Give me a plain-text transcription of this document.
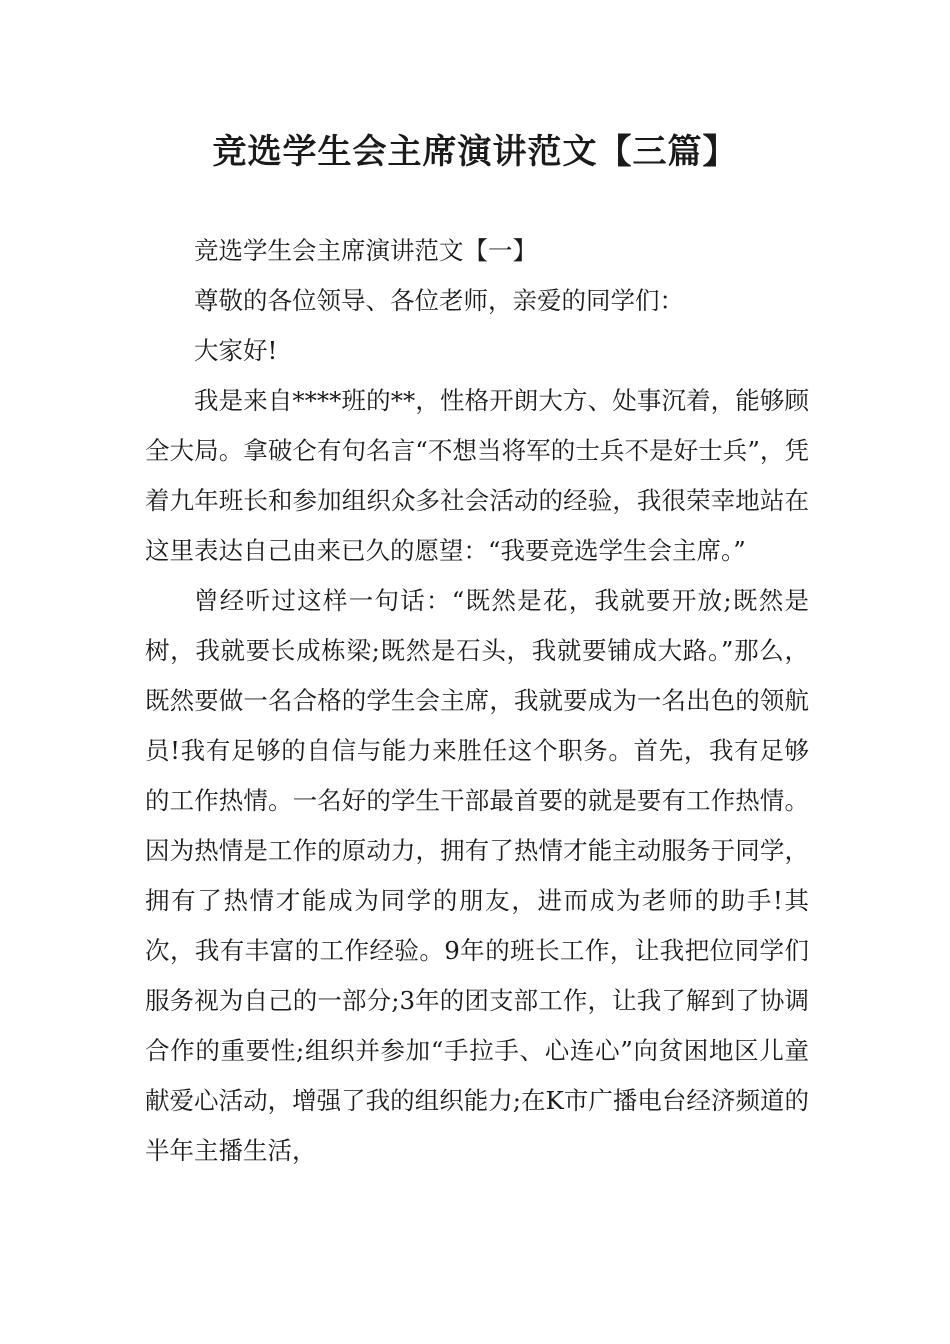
竞选学生会主席演讲范文【三篇】

竞选学生会主席演讲范文【一】

尊敬的各位领导、各位老师，亲爱的同学们：

大家好!

我是来自****班的**，性格开朗大方、处事沉着，能够顾全大局。拿破仑有句名言“不想当将军的士兵不是好士兵”，凭着九年班长和参加组织众多社会活动的经验，我很荣幸地站在这里表达自己由来已久的愿望：“我要竞选学生会主席。”

曾经听过这样一句话：“既然是花，我就要开放;既然是树，我就要长成栋梁;既然是石头，我就要铺成大路。”那么，既然要做一名合格的学生会主席，我就要成为一名出色的领航员!我有足够的自信与能力来胜任这个职务。首先，我有足够的工作热情。一名好的学生干部最首要的就是要有工作热情。因为热情是工作的原动力，拥有了热情才能主动服务于同学，拥有了热情才能成为同学的朋友，进而成为老师的助手!其次，我有丰富的工作经验。9年的班长工作，让我把位同学们服务视为自己的一部分;3年的团支部工作，让我了解到了协调合作的重要性;组织并参加“手拉手、心连心”向贫困地区儿童献爱心活动，增强了我的组织能力;在K市广播电台经济频道的半年主播生活，
